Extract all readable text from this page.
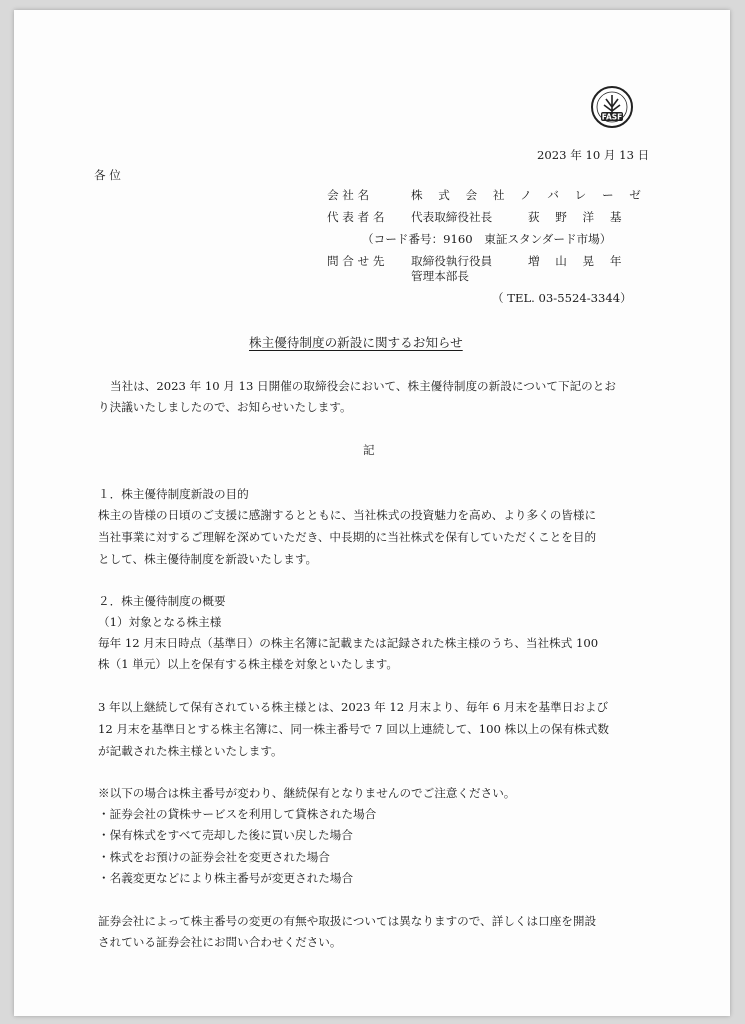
FASF
2023 年 10 月 13 日
各 位
会 社 名	株 式 会 社 ノ バ レ ー ゼ
代 表 者 名 代表取締役社長	荻 野 洋 基
（コード番号：9160　東証スタンダード市場）
問 合 せ 先 取締役執行役員	増 山 晃 年
管理本部長
（ TEL. 03-5524-3344）
株主優待制度の新設に関するお知らせ
当社は、2023 年 10 月 13 日開催の取締役会において、株主優待制度の新設について下記のとお
り決議いたしましたので、お知らせいたします。
記
１．株主優待制度新設の目的
株主の皆様の日頃のご支援に感謝するとともに、当社株式の投資魅力を高め、より多くの皆様に
当社事業に対するご理解を深めていただき、中長期的に当社株式を保有していただくことを目的
として、株主優待制度を新設いたします。
２．株主優待制度の概要
（1）対象となる株主様
毎年 12 月末日時点（基準日）の株主名簿に記載または記録された株主様のうち、当社株式 100
株（1 単元）以上を保有する株主様を対象といたします。
3 年以上継続して保有されている株主様とは、2023 年 12 月末より、毎年 6 月末を基準日および
12 月末を基準日とする株主名簿に、同一株主番号で 7 回以上連続して、100 株以上の保有株式数
が記載された株主様といたします。
※以下の場合は株主番号が変わり、継続保有となりませんのでご注意ください。
・証券会社の貸株サービスを利用して貸株された場合
・保有株式をすべて売却した後に買い戻した場合
・株式をお預けの証券会社を変更された場合
・名義変更などにより株主番号が変更された場合
証券会社によって株主番号の変更の有無や取扱については異なりますので、詳しくは口座を開設
されている証券会社にお問い合わせください。
